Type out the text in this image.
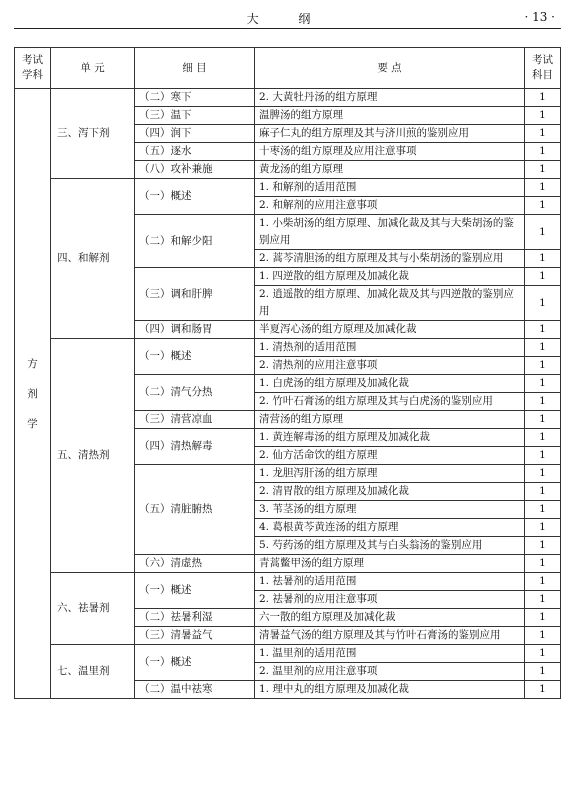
大 纲	· 13 ·
考试学科	单 元	细 目	要 点	考试科目

方
剂
学	三、泻下剂	（二）寒下	2. 大黄牡丹汤的组方原理	1
		（三）温下	温脾汤的组方原理	1
		（四）润下	麻子仁丸的组方原理及其与济川煎的鉴别应用	1
		（五）逐水	十枣汤的组方原理及应用注意事项	1
		（八）攻补兼施	黄龙汤的组方原理	1
	四、和解剂	（一）概述	1. 和解剂的适用范围	1
			2. 和解剂的应用注意事项	1
		（二）和解少阳	1. 小柴胡汤的组方原理、加减化裁及其与大柴胡汤的鉴别应用	1
			2. 蒿芩清胆汤的组方原理及其与小柴胡汤的鉴别应用	1
		（三）调和肝脾	1. 四逆散的组方原理及加减化裁	1
			2. 逍遥散的组方原理、加减化裁及其与四逆散的鉴别应用	1
		（四）调和肠胃	半夏泻心汤的组方原理及加减化裁	1
	五、清热剂	（一）概述	1. 清热剂的适用范围	1
			2. 清热剂的应用注意事项	1
		（二）清气分热	1. 白虎汤的组方原理及加减化裁	1
			2. 竹叶石膏汤的组方原理及其与白虎汤的鉴别应用	1
		（三）清营凉血	清营汤的组方原理	1
		（四）清热解毒	1. 黄连解毒汤的组方原理及加减化裁	1
			2. 仙方活命饮的组方原理	1
		（五）清脏腑热	1. 龙胆泻肝汤的组方原理	1
			2. 清胃散的组方原理及加减化裁	1
			3. 苇茎汤的组方原理	1
			4. 葛根黄芩黄连汤的组方原理	1
			5. 芍药汤的组方原理及其与白头翁汤的鉴别应用	1
		（六）清虚热	青蒿鳖甲汤的组方原理	1
	六、祛暑剂	（一）概述	1. 祛暑剂的适用范围	1
			2. 祛暑剂的应用注意事项	1
		（二）祛暑利湿	六一散的组方原理及加减化裁	1
		（三）清暑益气	清暑益气汤的组方原理及其与竹叶石膏汤的鉴别应用	1
	七、温里剂	（一）概述	1. 温里剂的适用范围	1
			2. 温里剂的应用注意事项	1
		（二）温中祛寒	1. 理中丸的组方原理及加减化裁	1
